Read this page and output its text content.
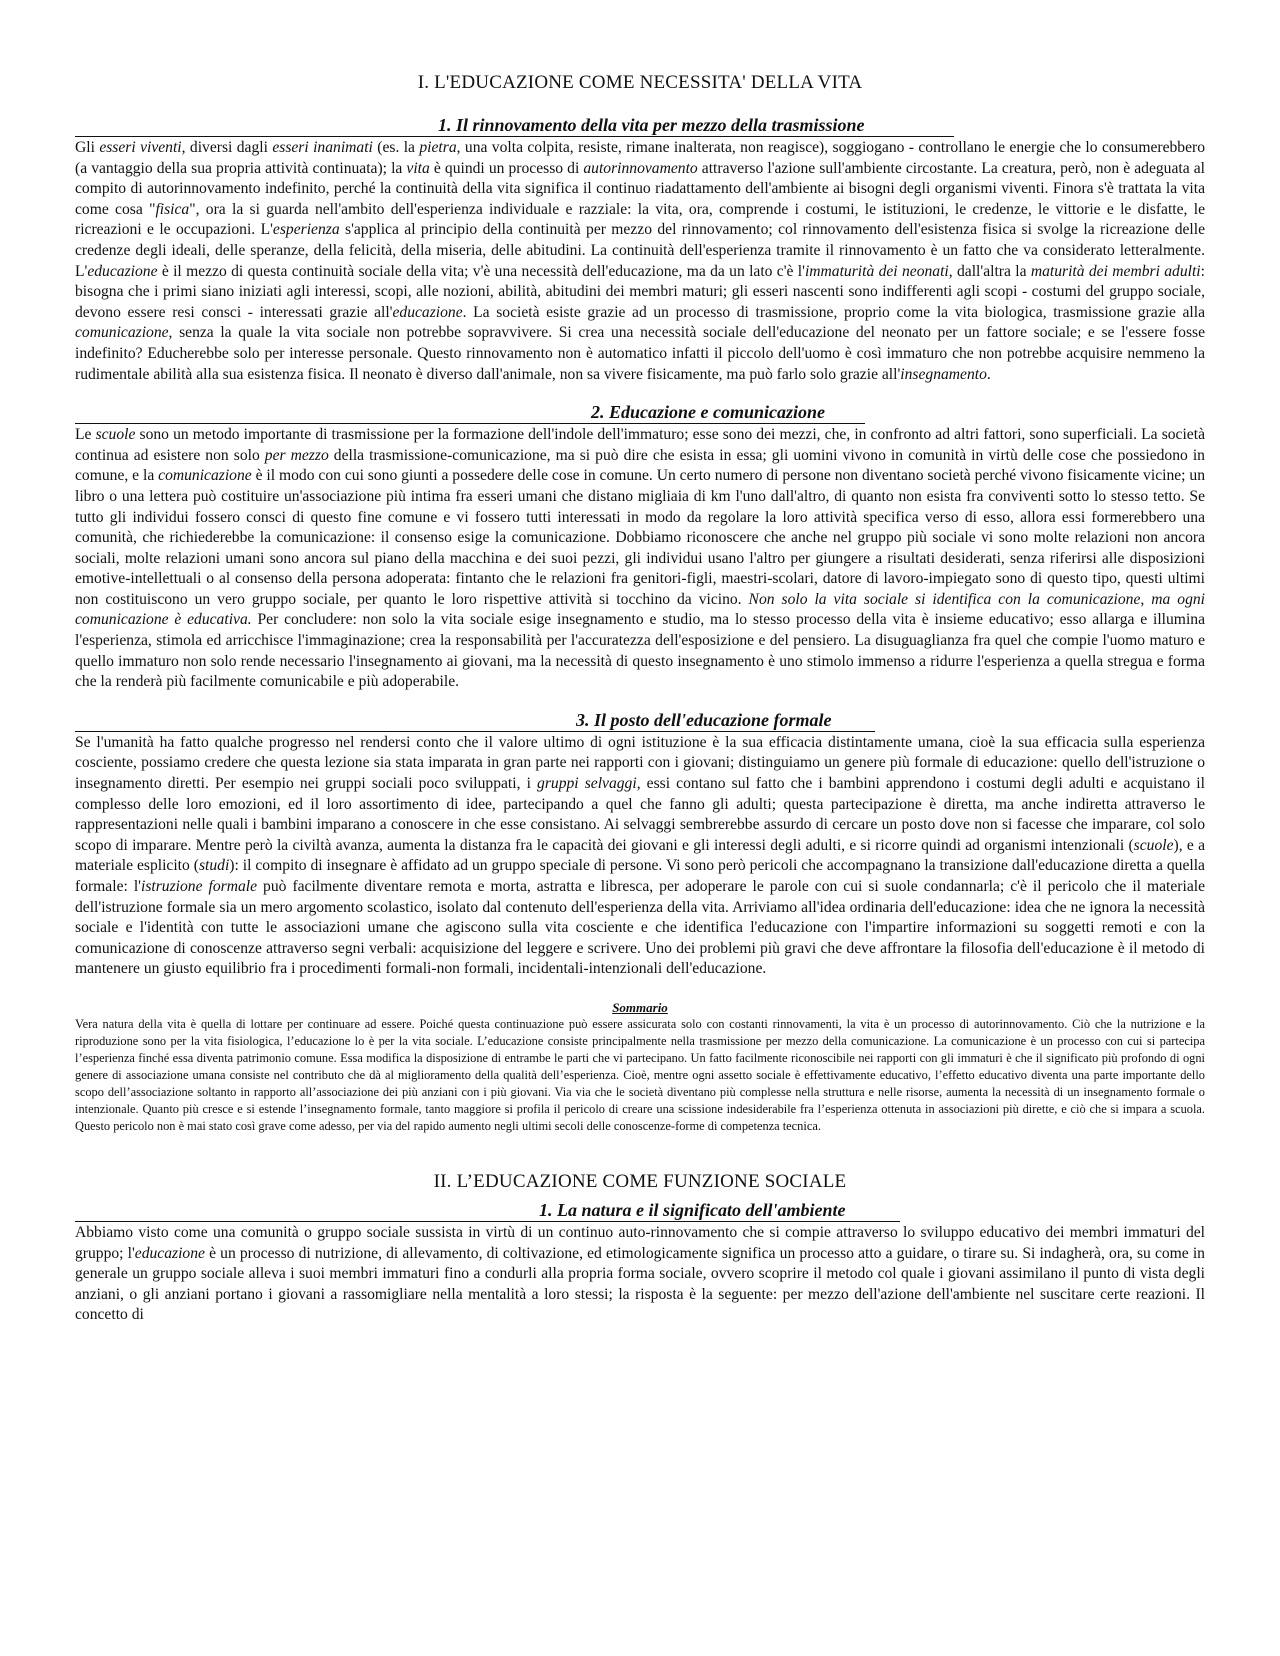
I. L'EDUCAZIONE COME NECESSITA' DELLA VITA
1. Il rinnovamento della vita per mezzo della trasmissione

Gli esseri viventi, diversi dagli esseri inanimati (es. la pietra, una volta colpita, resiste, rimane inalterata, non reagisce), soggiogano - controllano le energie che lo consumerebbero (a vantaggio della sua propria attività continuata); la vita è quindi un processo di autorinnovamento attraverso l'azione sull'ambiente circostante. La creatura, però, non è adeguata al compito di autorinnovamento indefinito, perché la continuità della vita significa il continuo riadattamento dell'ambiente ai bisogni degli organismi viventi. Finora s'è trattata la vita come cosa "fisica", ora la si guarda nell'ambito dell'esperienza individuale e razziale: la vita, ora, comprende i costumi, le istituzioni, le credenze, le vittorie e le disfatte, le ricreazioni e le occupazioni. L'esperienza s'applica al principio della continuità per mezzo del rinnovamento; col rinnovamento dell'esistenza fisica si svolge la ricreazione delle credenze degli ideali, delle speranze, della felicità, della miseria, delle abitudini. La continuità dell'esperienza tramite il rinnovamento è un fatto che va considerato letteralmente. L'educazione è il mezzo di questa continuità sociale della vita; v'è una necessità dell'educazione, ma da un lato c'è l'immaturità dei neonati, dall'altra la maturità dei membri adulti: bisogna che i primi siano iniziati agli interessi, scopi, alle nozioni, abilità, abitudini dei membri maturi; gli esseri nascenti sono indifferenti agli scopi - costumi del gruppo sociale, devono essere resi consci - interessati grazie all'educazione. La società esiste grazie ad un processo di trasmissione, proprio come la vita biologica, trasmissione grazie alla comunicazione, senza la quale la vita sociale non potrebbe sopravvivere. Si crea una necessità sociale dell'educazione del neonato per un fattore sociale; e se l'essere fosse indefinito? Educherebbe solo per interesse personale. Questo rinnovamento non è automatico infatti il piccolo dell'uomo è così immaturo che non potrebbe acquisire nemmeno la rudimentale abilità alla sua esistenza fisica. Il neonato è diverso dall'animale, non sa vivere fisicamente, ma può farlo solo grazie all'insegnamento.

2. Educazione e comunicazione

Le scuole sono un metodo importante di trasmissione per la formazione dell'indole dell'immaturo; esse sono dei mezzi, che, in confronto ad altri fattori, sono superficiali. La società continua ad esistere non solo per mezzo della trasmissione-comunicazione, ma si può dire che esista in essa; gli uomini vivono in comunità in virtù delle cose che possiedono in comune, e la comunicazione è il modo con cui sono giunti a possedere delle cose in comune. Un certo numero di persone non diventano società perché vivono fisicamente vicine; un libro o una lettera può costituire un'associazione più intima fra esseri umani che distano migliaia di km l'uno dall'altro, di quanto non esista fra conviventi sotto lo stesso tetto. Se tutto gli individui fossero consci di questo fine comune e vi fossero tutti interessati in modo da regolare la loro attività specifica verso di esso, allora essi formerebbero una comunità, che richiederebbe la comunicazione: il consenso esige la comunicazione. Dobbiamo riconoscere che anche nel gruppo più sociale vi sono molte relazioni non ancora sociali, molte relazioni umani sono ancora sul piano della macchina e dei suoi pezzi, gli individui usano l'altro per giungere a risultati desiderati, senza riferirsi alle disposizioni emotive-intellettuali o al consenso della persona adoperata: fintanto che le relazioni fra genitori-figli, maestri-scolari, datore di lavoro-impiegato sono di questo tipo, questi ultimi non costituiscono un vero gruppo sociale, per quanto le loro rispettive attività si tocchino da vicino. Non solo la vita sociale si identifica con la comunicazione, ma ogni comunicazione è educativa. Per concludere: non solo la vita sociale esige insegnamento e studio, ma lo stesso processo della vita è insieme educativo; esso allarga e illumina l'esperienza, stimola ed arricchisce l'immaginazione; crea la responsabilità per l'accuratezza dell'esposizione e del pensiero. La disuguaglianza fra quel che compie l'uomo maturo e quello immaturo non solo rende necessario l'insegnamento ai giovani, ma la necessità di questo insegnamento è uno stimolo immenso a ridurre l'esperienza a quella stregua e forma che la renderà più facilmente comunicabile e più adoperabile.

3. Il posto dell'educazione formale

Se l'umanità ha fatto qualche progresso nel rendersi conto che il valore ultimo di ogni istituzione è la sua efficacia distintamente umana, cioè la sua efficacia sulla esperienza cosciente, possiamo credere che questa lezione sia stata imparata in gran parte nei rapporti con i giovani; distinguiamo un genere più formale di educazione: quello dell'istruzione o insegnamento diretti. Per esempio nei gruppi sociali poco sviluppati, i gruppi selvaggi, essi contano sul fatto che i bambini apprendono i costumi degli adulti e acquistano il complesso delle loro emozioni, ed il loro assortimento di idee, partecipando a quel che fanno gli adulti; questa partecipazione è diretta, ma anche indiretta attraverso le rappresentazioni nelle quali i bambini imparano a conoscere in che esse consistano. Ai selvaggi sembrerebbe assurdo di cercare un posto dove non si facesse che imparare, col solo scopo di imparare. Mentre però la civiltà avanza, aumenta la distanza fra le capacità dei giovani e gli interessi degli adulti, e si ricorre quindi ad organismi intenzionali (scuole), e a materiale esplicito (studi): il compito di insegnare è affidato ad un gruppo speciale di persone. Vi sono però pericoli che accompagnano la transizione dall'educazione diretta a quella formale: l'istruzione formale può facilmente diventare remota e morta, astratta e libresca, per adoperare le parole con cui si suole condannarla; c'è il pericolo che il materiale dell'istruzione formale sia un mero argomento scolastico, isolato dal contenuto dell'esperienza della vita. Arriviamo all'idea ordinaria dell'educazione: idea che ne ignora la necessità sociale e l'identità con tutte le associazioni umane che agiscono sulla vita cosciente e che identifica l'educazione con l'impartire informazioni su soggetti remoti e con la comunicazione di conoscenze attraverso segni verbali: acquisizione del leggere e scrivere. Uno dei problemi più gravi che deve affrontare la filosofia dell'educazione è il metodo di mantenere un giusto equilibrio fra i procedimenti formali-non formali, incidentali-intenzionali dell'educazione.

Sommario

Vera natura della vita è quella di lottare per continuare ad essere. Poiché questa continuazione può essere assicurata solo con costanti rinnovamenti, la vita è un processo di autorinnovamento. Ciò che la nutrizione e la riproduzione sono per la vita fisiologica, l’educazione lo è per la vita sociale. L’educazione consiste principalmente nella trasmissione per mezzo della comunicazione. La comunicazione è un processo con cui si partecipa l’esperienza finché essa diventa patrimonio comune. Essa modifica la disposizione di entrambe le parti che vi partecipano. Un fatto facilmente riconoscibile nei rapporti con gli immaturi è che il significato più profondo di ogni genere di associazione umana consiste nel contributo che dà al miglioramento della qualità dell’esperienza. Cioè, mentre ogni assetto sociale è effettivamente educativo, l’effetto educativo diventa una parte importante dello scopo dell’associazione soltanto in rapporto all’associazione dei più anziani con i più giovani. Via via che le società diventano più complesse nella struttura e nelle risorse, aumenta la necessità di un insegnamento formale o intenzionale. Quanto più cresce e si estende l’insegnamento formale, tanto maggiore si profila il pericolo di creare una scissione indesiderabile fra l’esperienza ottenuta in associazioni più dirette, e ciò che si impara a scuola. Questo pericolo non è mai stato così grave come adesso, per via del rapido aumento negli ultimi secoli delle conoscenze-forme di competenza tecnica.

II. L’EDUCAZIONE COME FUNZIONE SOCIALE
1. La natura e il significato dell'ambiente

Abbiamo visto come una comunità o gruppo sociale sussista in virtù di un continuo auto-rinnovamento che si compie attraverso lo sviluppo educativo dei membri immaturi del gruppo; l'educazione è un processo di nutrizione, di allevamento, di coltivazione, ed etimologicamente significa un processo atto a guidare, o tirare su. Si indagherà, ora, su come in generale un gruppo sociale alleva i suoi membri immaturi fino a condurli alla propria forma sociale, ovvero scoprire il metodo col quale i giovani assimilano il punto di vista degli anziani, o gli anziani portano i giovani a rassomigliare nella mentalità a loro stessi; la risposta è la seguente: per mezzo dell'azione dell'ambiente nel suscitare certe reazioni. Il concetto di
